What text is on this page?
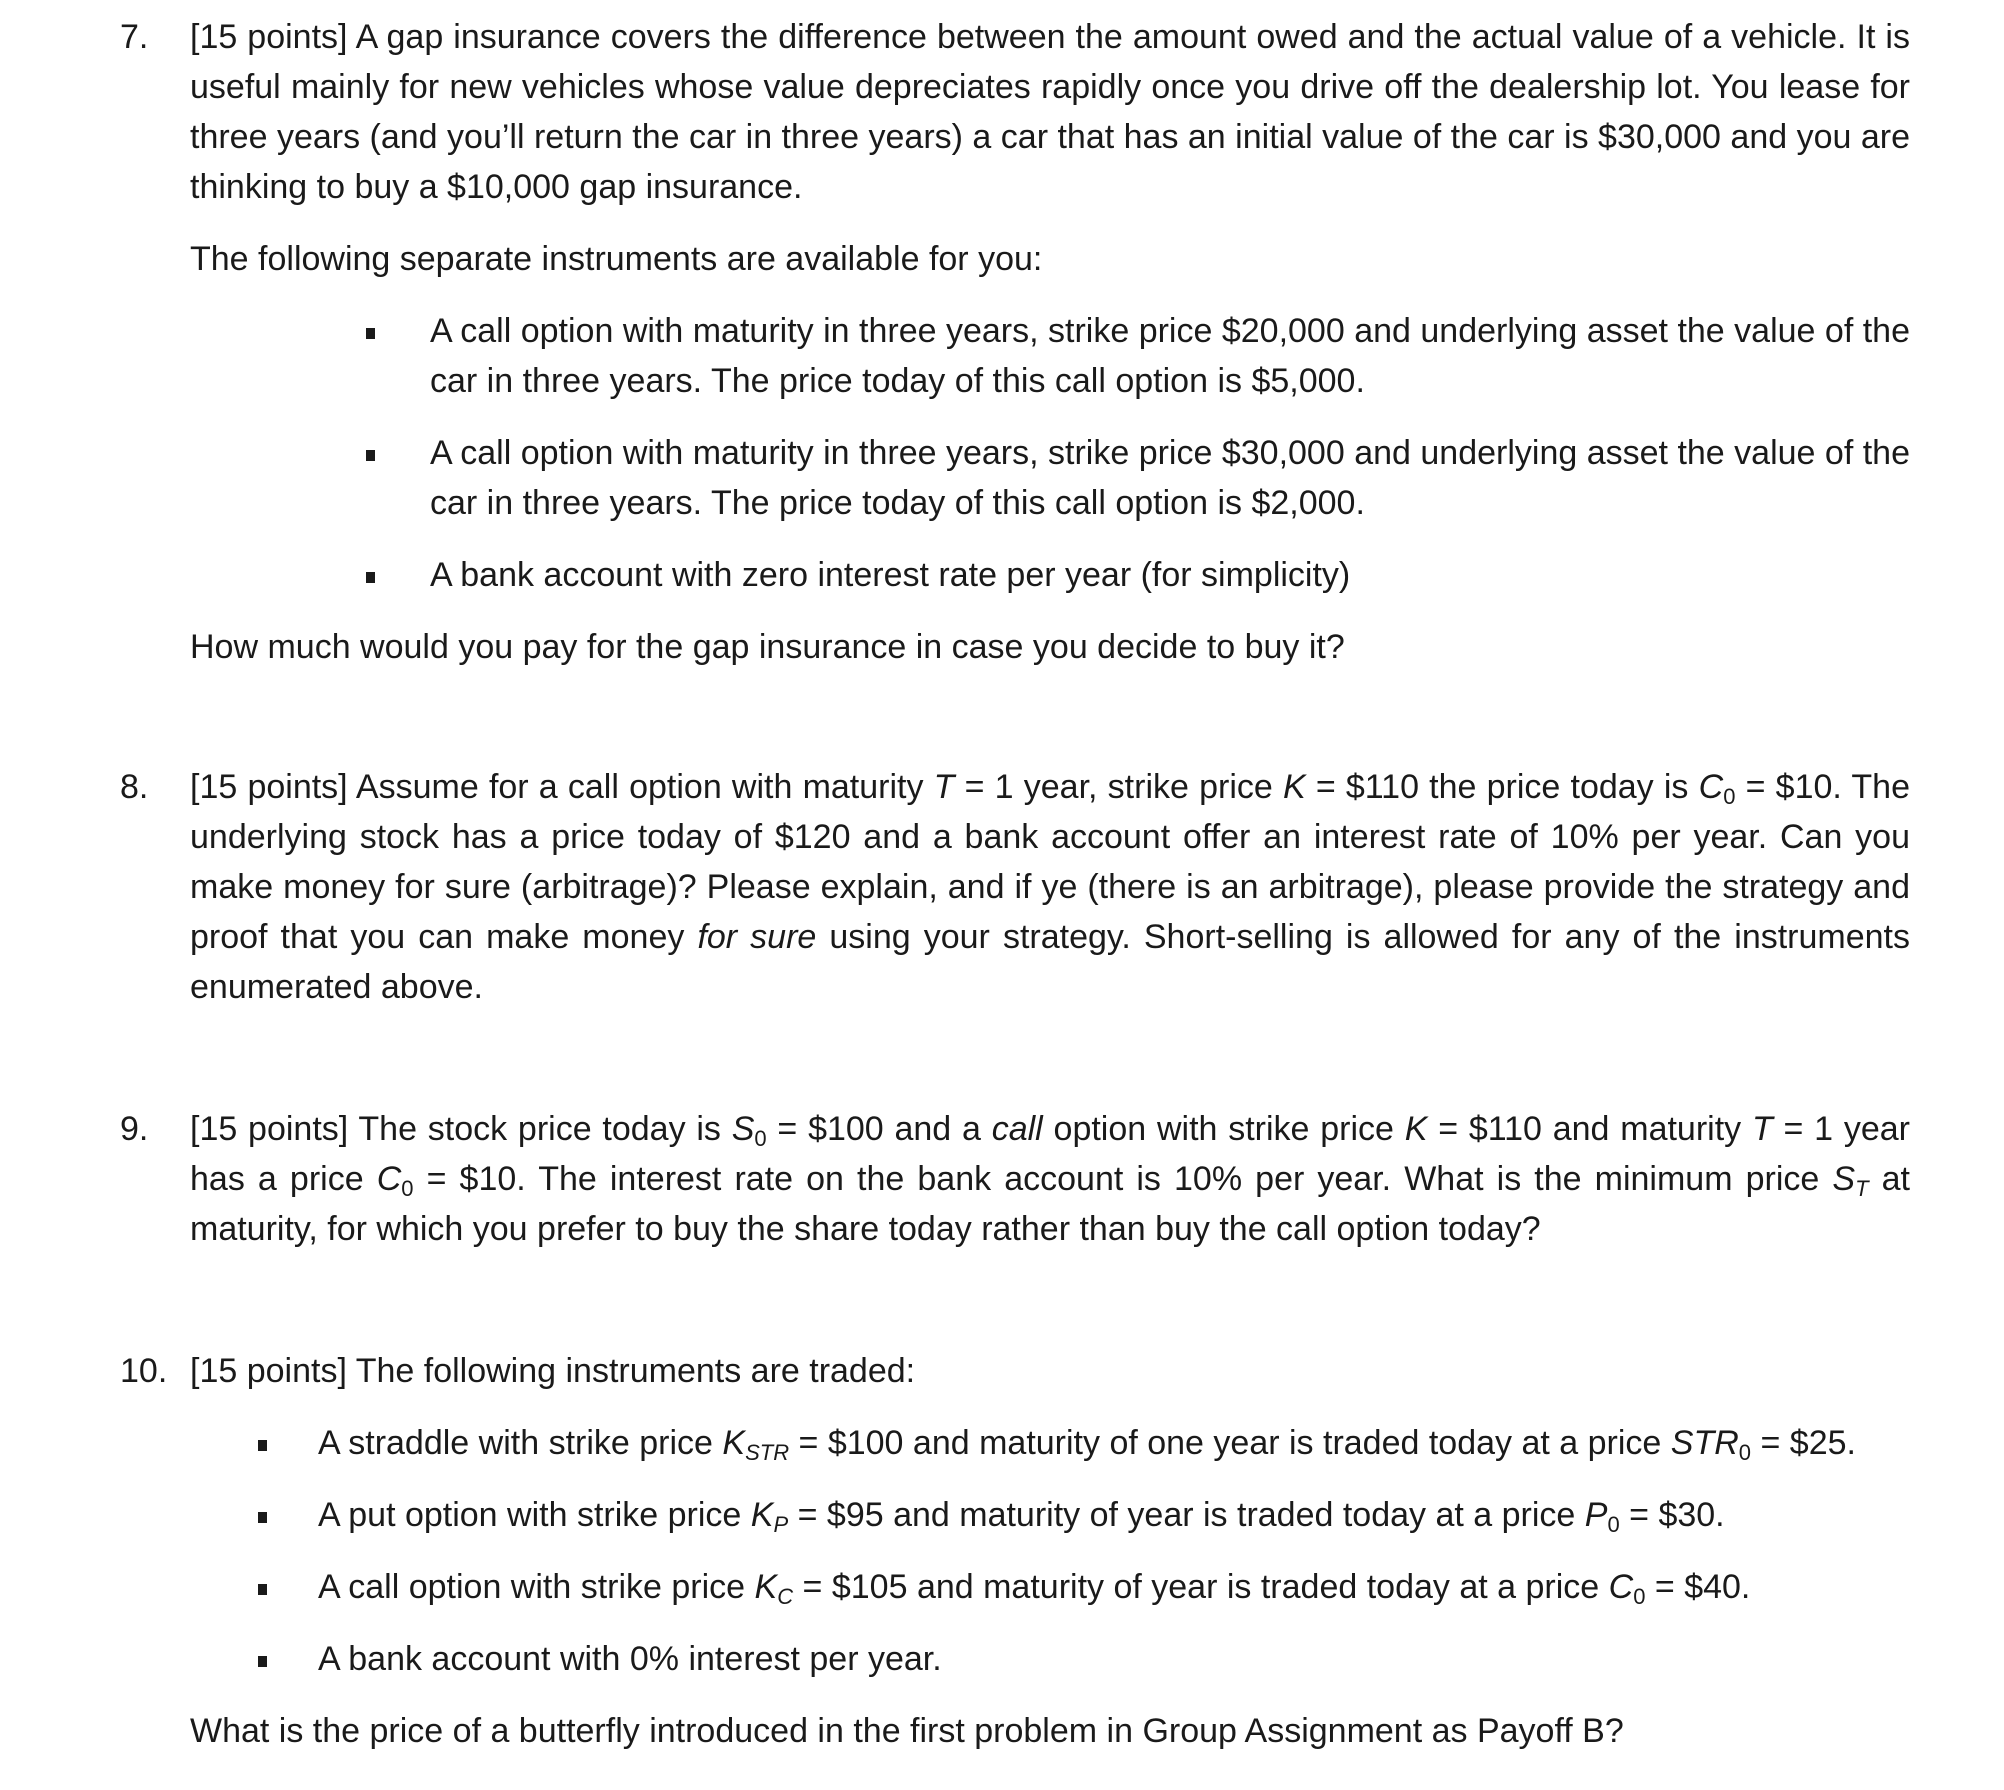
7.	[15 points] A gap insurance covers the difference between the amount owed and the actual value of a vehicle. It is useful mainly for new vehicles whose value depreciates rapidly once you drive off the dealership lot. You lease for three years (and you’ll return the car in three years) a car that has an initial value of the car is $30,000 and you are thinking to buy a $10,000 gap insurance.

The following separate instruments are available for you:

A call option with maturity in three years, strike price $20,000 and underlying asset the value of the car in three years. The price today of this call option is $5,000.
A call option with maturity in three years, strike price $30,000 and underlying asset the value of the car in three years. The price today of this call option is $2,000.
A bank account with zero interest rate per year (for simplicity)

How much would you pay for the gap insurance in case you decide to buy it?

8.	[15 points] Assume for a call option with maturity T = 1 year, strike price K = $110 the price today is $C_0$ = $10. The underlying stock has a price today of $120 and a bank account offer an interest rate of 10% per year. Can you make money for sure (arbitrage)? Please explain, and if ye (there is an arbitrage), please provide the strategy and proof that you can make money for sure using your strategy. Short-selling is allowed for any of the instruments enumerated above.

9.	[15 points] The stock price today is $S_0$ = $100 and a call option with strike price K = $110 and maturity T = 1 year has a price $C_0$ = $10. The interest rate on the bank account is 10% per year. What is the minimum price $S_T$ at maturity, for which you prefer to buy the share today rather than buy the call option today?

10. [15 points] The following instruments are traded:

A straddle with strike price $K_{STR}$ = $100 and maturity of one year is traded today at a price $STR_0$ = $25.
A put option with strike price $K_P$ = $95 and maturity of year is traded today at a price $P_0$ = $30.
A call option with strike price $K_C$ = $105 and maturity of year is traded today at a price $C_0$ = $40.
A bank account with 0% interest per year.

What is the price of a butterfly introduced in the first problem in Group Assignment as Payoff B?
